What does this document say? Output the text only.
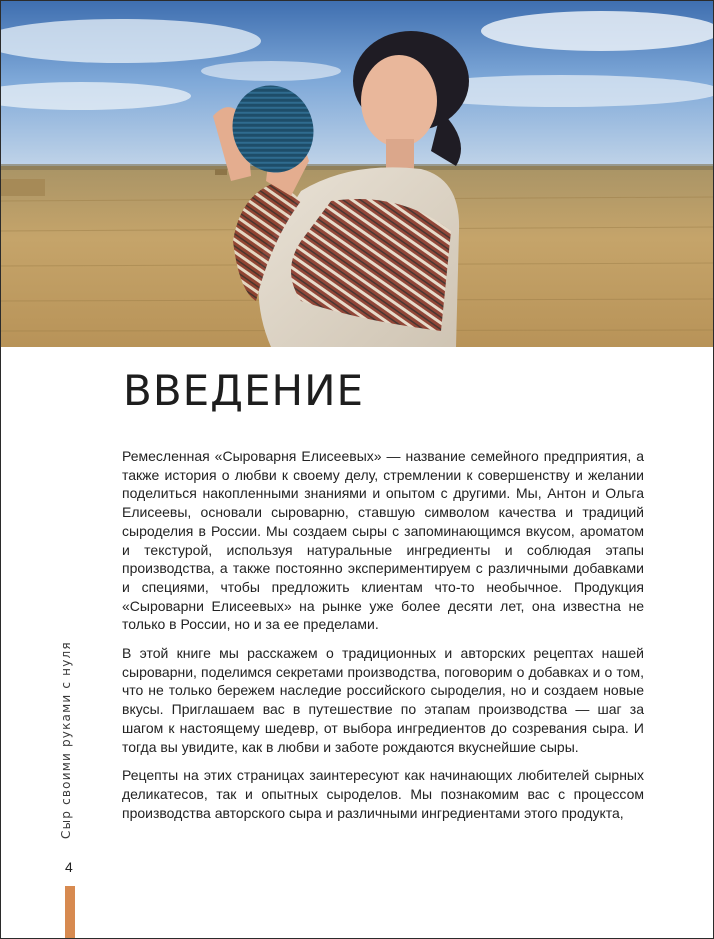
ВВЕДЕНИЕ

Ремесленная «Сыроварня Елисеевых» — название семейного предприятия, а также история о любви к своему делу, стремлении к совершенству и желании поделиться накопленными знаниями и опытом с другими. Мы, Антон и Ольга Елисеевы, основали сыроварню, ставшую символом качества и традиций сыроделия в России. Мы создаем сыры с запоминающимся вкусом, ароматом и текстурой, используя натуральные ингредиенты и соблюдая этапы производства, а также постоянно экспериментируем с различными добавками и специями, чтобы предложить клиентам что-то необычное. Продукция «Сыроварни Елисеевых» на рынке уже более десяти лет, она известна не только в России, но и за ее пределами.

В этой книге мы расскажем о традиционных и авторских рецептах нашей сыроварни, поделимся секретами производства, поговорим о добавках и о том, что не только бережем наследие российского сыроделия, но и создаем новые вкусы. Приглашаем вас в путешествие по этапам производства — шаг за шагом к настоящему шедевр, от выбора ингредиентов до созревания сыра. И тогда вы увидите, как в любви и заботе рождаются вкуснейшие сыры.

Рецепты на этих страницах заинтересуют как начинающих любителей сырных деликатесов, так и опытных сыроделов. Мы познакомим вас с процессом производства авторского сыра и различными ингредиентами этого продукта,

Сыр своими руками с нуля
4
